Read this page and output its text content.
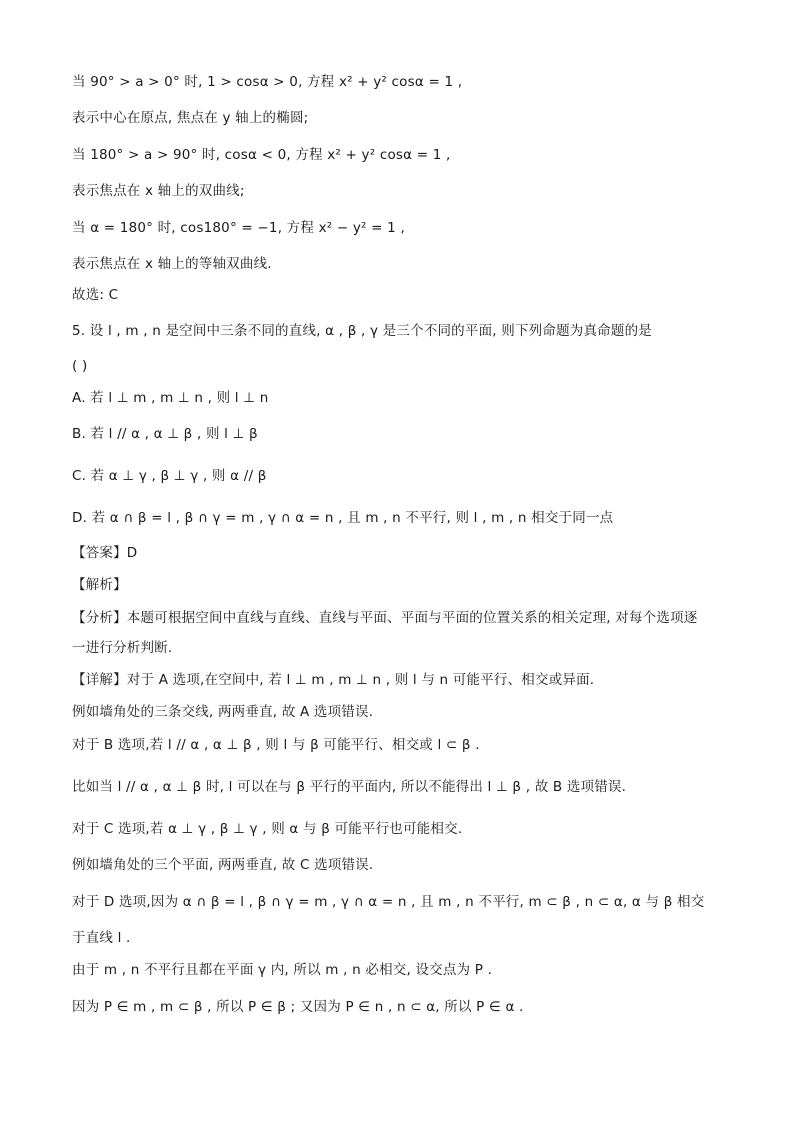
当 90° > a > 0° 时, 1 > cosα > 0, 方程 x² + y² cosα = 1 ,
表示中心在原点, 焦点在 y 轴上的椭圆;
当 180° > a > 90° 时, cosα < 0, 方程 x² + y² cosα = 1 ,
表示焦点在 x 轴上的双曲线;
当 α = 180° 时, cos180° = −1, 方程 x² − y² = 1 ,
表示焦点在 x 轴上的等轴双曲线.
故选: C
5. 设 l , m , n 是空间中三条不同的直线, α , β , γ 是三个不同的平面, 则下列命题为真命题的是
( )
A. 若 l ⊥ m , m ⊥ n , 则 l ⊥ n
B. 若 l // α , α ⊥ β , 则 l ⊥ β
C. 若 α ⊥ γ , β ⊥ γ , 则 α // β
D. 若 α ∩ β = l , β ∩ γ = m , γ ∩ α = n , 且 m , n 不平行, 则 l , m , n 相交于同一点
【答案】D
【解析】
【分析】本题可根据空间中直线与直线、直线与平面、平面与平面的位置关系的相关定理, 对每个选项逐
一进行分析判断.
【详解】对于 A 选项,在空间中, 若 l ⊥ m , m ⊥ n , 则 l 与 n 可能平行、相交或异面.
例如墙角处的三条交线, 两两垂直, 故 A 选项错误.
对于 B 选项,若 l // α , α ⊥ β , 则 l 与 β 可能平行、相交或 l ⊂ β .
比如当 l // α , α ⊥ β 时, l 可以在与 β 平行的平面内, 所以不能得出 l ⊥ β , 故 B 选项错误.
对于 C 选项,若 α ⊥ γ , β ⊥ γ , 则 α 与 β 可能平行也可能相交.
例如墙角处的三个平面, 两两垂直, 故 C 选项错误.
对于 D 选项,因为 α ∩ β = l , β ∩ γ = m , γ ∩ α = n , 且 m , n 不平行, m ⊂ β , n ⊂ α, α 与 β 相交
于直线 l .
由于 m , n 不平行且都在平面 γ 内, 所以 m , n 必相交, 设交点为 P .
因为 P ∈ m , m ⊂ β , 所以 P ∈ β ; 又因为 P ∈ n , n ⊂ α, 所以 P ∈ α .
